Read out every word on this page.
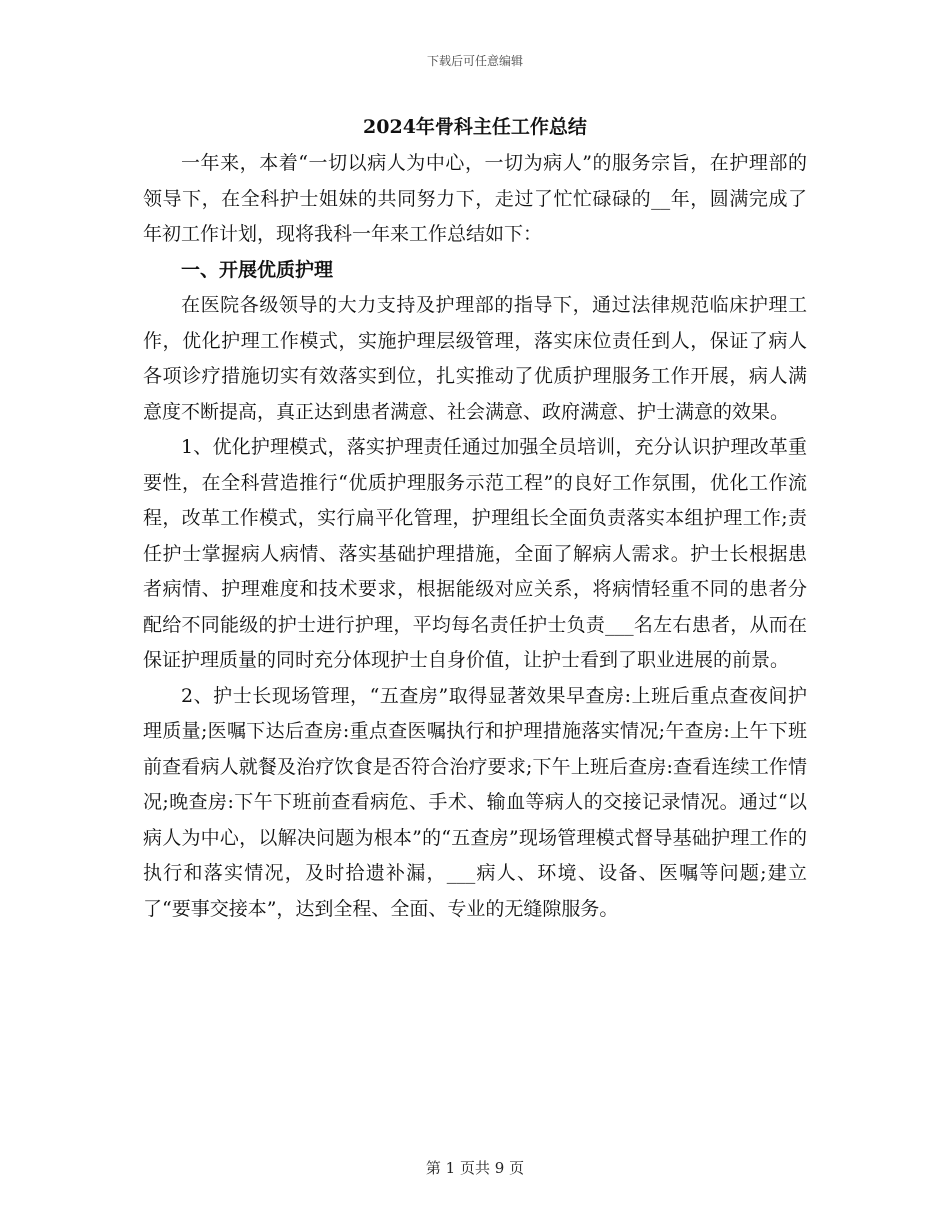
下载后可任意编辑
2024年骨科主任工作总结

一年来，本着“一切以病人为中心，一切为病人”的服务宗旨，在护理部的领导下，在全科护士姐妹的共同努力下，走过了忙忙碌碌的__年，圆满完成了年初工作计划，现将我科一年来工作总结如下：

一、开展优质护理

在医院各级领导的大力支持及护理部的指导下，通过法律规范临床护理工作，优化护理工作模式，实施护理层级管理，落实床位责任到人，保证了病人各项诊疗措施切实有效落实到位，扎实推动了优质护理服务工作开展，病人满意度不断提高，真正达到患者满意、社会满意、政府满意、护士满意的效果。

1、优化护理模式，落实护理责任通过加强全员培训，充分认识护理改革重要性，在全科营造推行“优质护理服务示范工程”的良好工作氛围，优化工作流程，改革工作模式，实行扁平化管理，护理组长全面负责落实本组护理工作;责任护士掌握病人病情、落实基础护理措施，全面了解病人需求。护士长根据患者病情、护理难度和技术要求，根据能级对应关系，将病情轻重不同的患者分配给不同能级的护士进行护理，平均每名责任护士负责___名左右患者，从而在保证护理质量的同时充分体现护士自身价值，让护士看到了职业进展的前景。

2、护士长现场管理，“五查房”取得显著效果早查房:上班后重点查夜间护理质量;医嘱下达后查房:重点查医嘱执行和护理措施落实情况;午查房:上午下班前查看病人就餐及治疗饮食是否符合治疗要求;下午上班后查房:查看连续工作情况;晚查房:下午下班前查看病危、手术、输血等病人的交接记录情况。通过“以病人为中心，以解决问题为根本”的“五查房”现场管理模式督导基础护理工作的执行和落实情况，及时拾遗补漏，___病人、环境、设备、医嘱等问题;建立了“要事交接本”，达到全程、全面、专业的无缝隙服务。

第 1 页共 9 页
